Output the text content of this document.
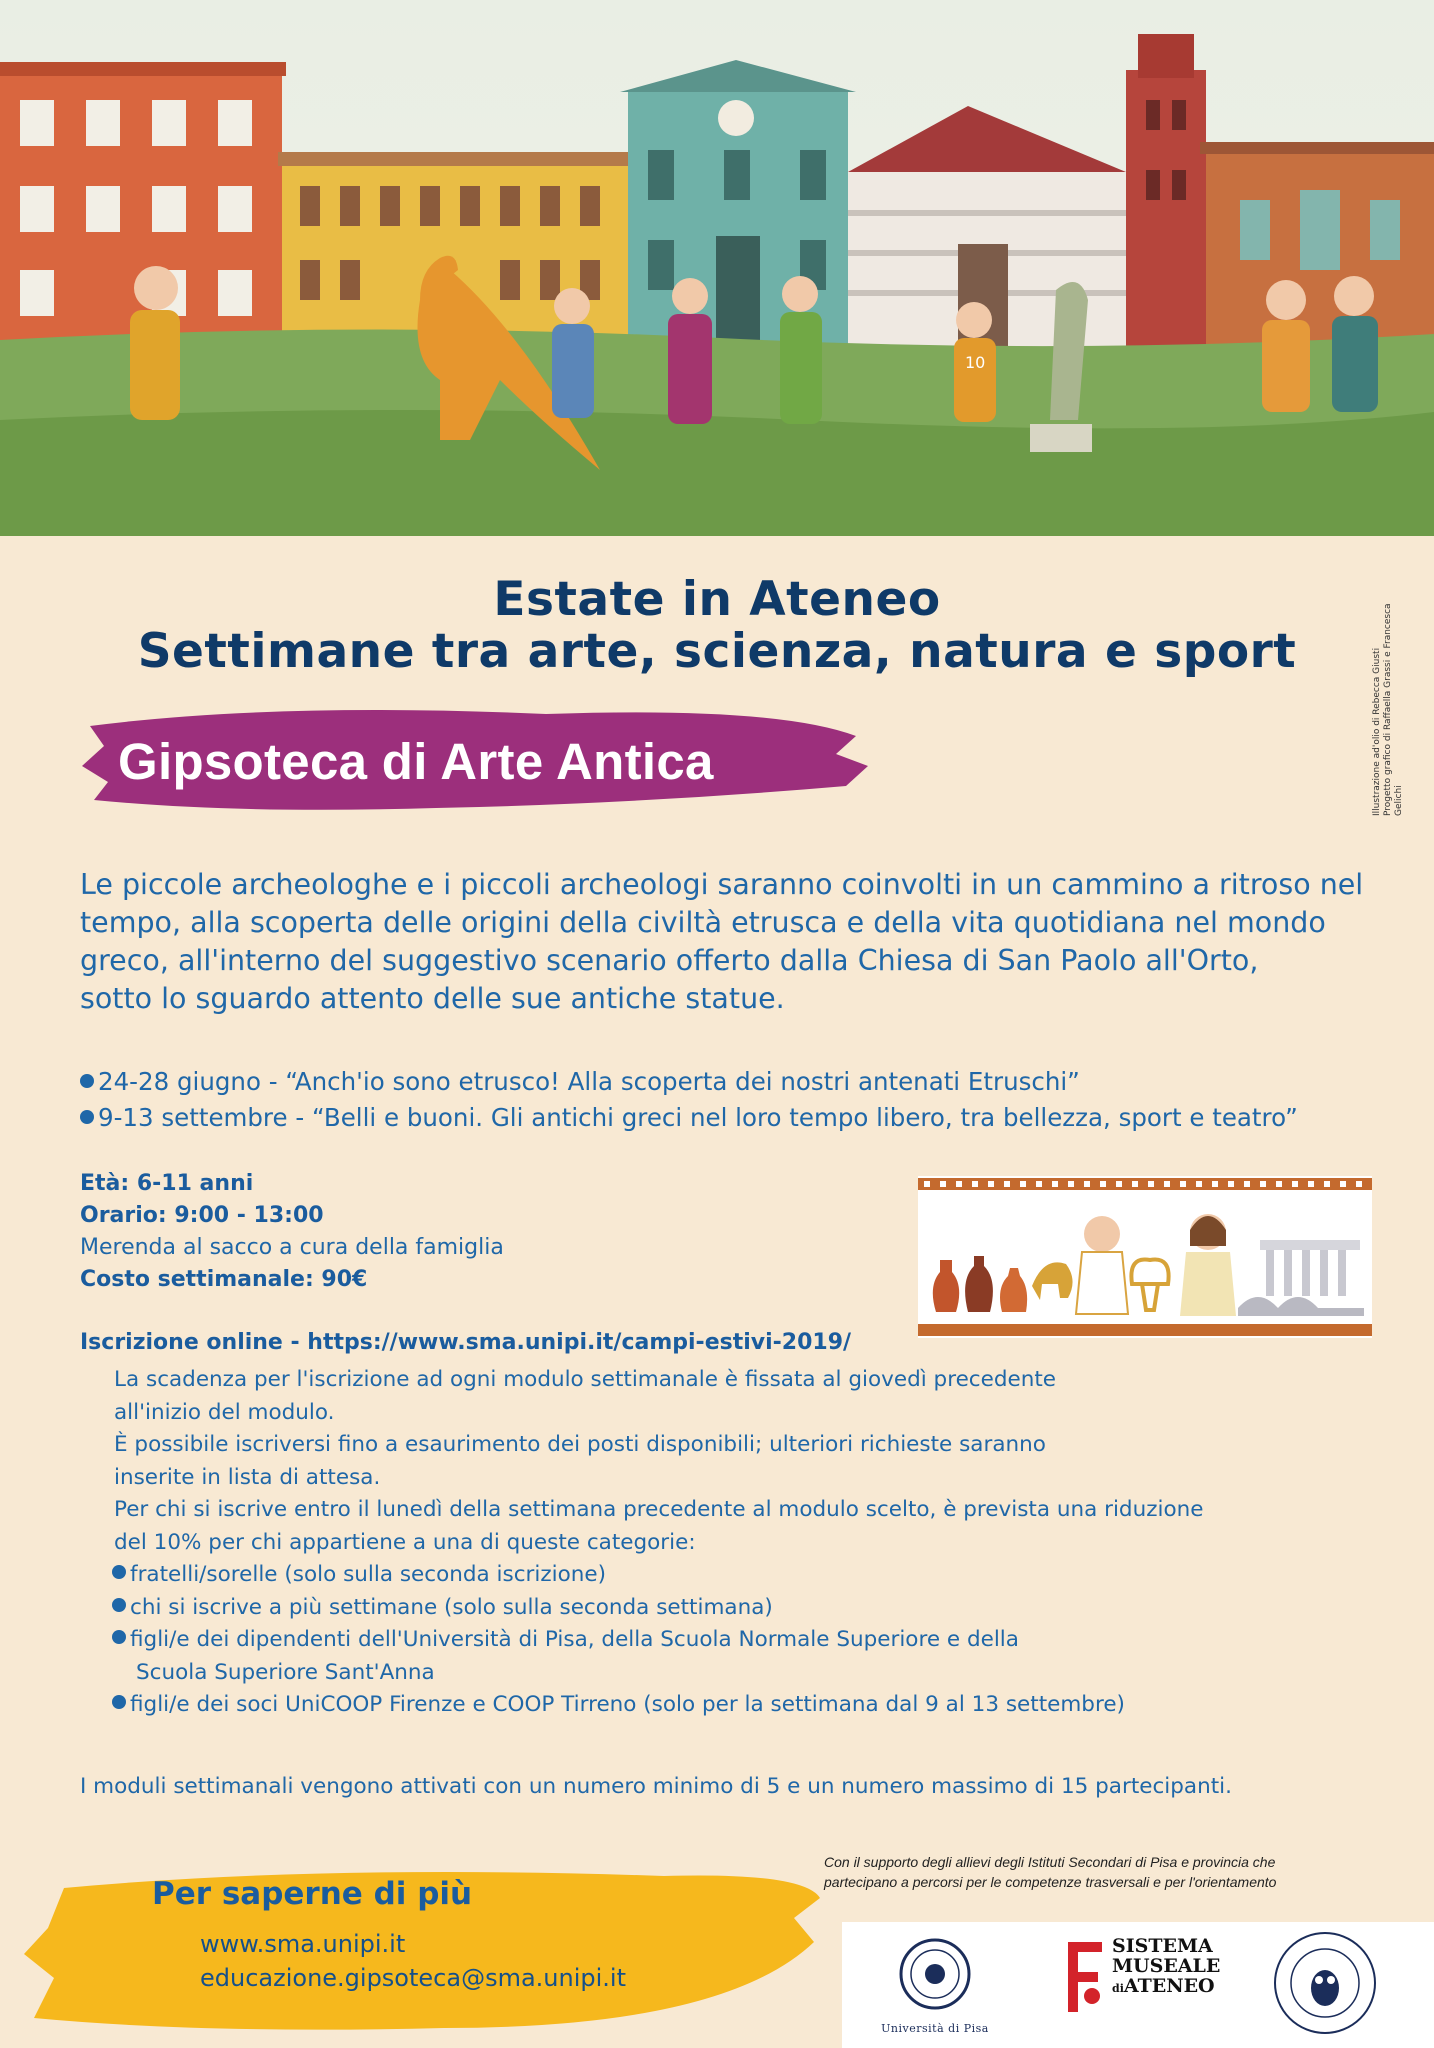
10
Illustrazione ad'olio di Rebecca Giusti
Progetto grafico di Raffaella Grassi e Francesca Gelichi
Estate in Ateneo
Settimane tra arte, scienza, natura e sport
Gipsoteca di Arte Antica

Le piccole archeologhe e i piccoli archeologi saranno coinvolti in un cammino a ritroso nel

tempo, alla scoperta delle origini della civiltà etrusca e della vita quotidiana nel mondo

greco, all'interno del suggestivo scenario offerto dalla Chiesa di San Paolo all'Orto,

sotto lo sguardo attento delle sue antiche statue.

24-28 giugno - “Anch'io sono etrusco! Alla scoperta dei nostri antenati Etruschi”
9-13 settembre - “Belli e buoni. Gli antichi greci nel loro tempo libero, tra bellezza, sport e teatro”
Età: 6-11 anni
Orario: 9:00 - 13:00
Merenda al sacco a cura della famiglia
Costo settimanale: 90€
Iscrizione online - https://www.sma.unipi.it/campi-estivi-2019/
La scadenza per l'iscrizione ad ogni modulo settimanale è fissata al giovedì precedente
all'inizio del modulo.
È possibile iscriversi fino a esaurimento dei posti disponibili; ulteriori richieste saranno
inserite in lista di attesa.
Per chi si iscrive entro il lunedì della settimana precedente al modulo scelto, è prevista una riduzione
del 10% per chi appartiene a una di queste categorie:
fratelli/sorelle (solo sulla seconda iscrizione)
chi si iscrive a più settimane (solo sulla seconda settimana)
figli/e dei dipendenti dell'Università di Pisa, della Scuola Normale Superiore e della
Scuola Superiore Sant'Anna
figli/e dei soci UniCOOP Firenze e COOP Tirreno (solo per la settimana dal 9 al 13 settembre)
I moduli settimanali vengono attivati con un numero minimo di 5 e un numero massimo di 15 partecipanti.
Con il supporto degli allievi degli Istituti Secondari di Pisa e provincia che
partecipano a percorsi per le competenze trasversali e per l'orientamento
Per saperne di più
www.sma.unipi.it
educazione.gipsoteca@sma.unipi.it
Università di Pisa
SISTEMA
MUSEALE
diATENEO
DIPARTIMENTO DI CIVILTÀ E FORME DEL SAPERE
